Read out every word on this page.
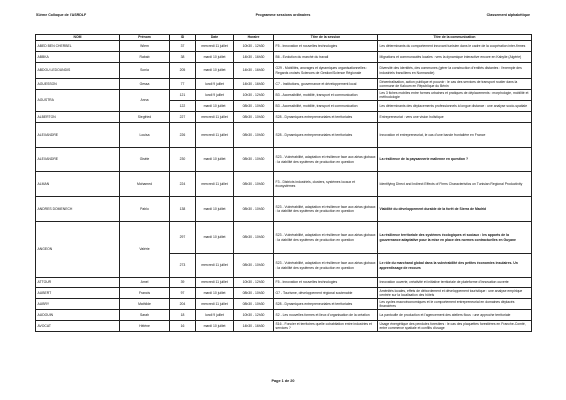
51ème Colloque de l'ASRDLF	Programme sessions ordinaires	Classement alphabétique
NOM	Prénom	ID	Date	Horaire	Titre de la session	Titre de la communication
ABED BEN CHERBEL	Wiem	37	mercredi 11 juillet	10h30 - 12h30	F5 - Innovation et nouvelles technologies	Les déterminants du comportement innovant tunisien dans le cadre de la coopération inter-firmes
ABBKA	Rabab	38	mardi 10 juillet	14h30 - 16h30	B6 - Evolution du marché du travail	Migrations et communautés locales : vers la dynamique interactive encore en Kabylie (Algérie)
ABDOU LEDOUNDIS	Sonia	205	mardi 10 juillet	14h30 - 16h30	G29 - Mobilités, ancrages et dynamiques organisationnelles : Regards croisés Sciences de Gestion/Science Régionale	Diversité des identités, des communes (gérer la construction d'entités distantes : l'exemple des industriels franciliens en Normandie)
AGUESSON	Gessa	77	lundi 9 juillet	14h30 - 16h30	C7 - Institutions, gouvernance et développement local	Décentralisation, action publique et pouvoir : le cas des services de transport routier dans la commune de Kaloum en République du Bénin
AGUSTRA	Anna	121	lundi 9 juillet	10h30 - 12h30	B3 - Accessibilité, mobilité, transport et communication	Les 3 fiches mobiles entre formes urbaines et pratiques de déplacements : morphologie, mobilité et méthodologie
		122	mardi 10 juillet	08h30 - 10h30	B3 - Accessibilité, mobilité, transport et communication	Les déterminants des déplacements professionnels à longue distance : une analyse socio-spatiale
ALBERTON	Siegfried	227	mercredi 11 juillet	08h30 - 10h30	S28 - Dynamiques entrepreneuriales et territoriales	Entrepreneuriat : vers une vision holistique
ALEXANDRE	Louisa	226	mercredi 11 juillet	08h30 - 10h30	S28 - Dynamiques entrepreneuriales et territoriales	Innovation et entrepreneuriat, le cas d'une bande frontalière en France
ALEXANDRE	Gisèle	230	mardi 10 juillet	08h30 - 10h30	S23 - Vulnérabilité, adaptation et résilience face aux aléas globaux : la viabilité des systèmes de production en question	La résilience de la paysannerie malienne en question ?
ALMAN	Mohamed	224	mercredi 11 juillet	08h30 - 10h30	F3 - Districts industriels, clusters, systèmes locaux et écosystèmes	Identifying Direct and Indirect Effects of Firms Characteristics on Tunisian Regional Productivity
ANDRES DOMENECH	Pablo	138	mardi 10 juillet	08h30 - 10h30	S23 - Vulnérabilité, adaptation et résilience face aux aléas globaux : la viabilité des systèmes de production en question	Viabilité du développement durable de la forêt de Sierra de Madrid
ANGEON	Valérie	297	mardi 10 juillet	08h30 - 10h30	S23 - Vulnérabilité, adaptation et résilience face aux aléas globaux : la viabilité des systèmes de production en question	La résilience territoriale des systèmes écologiques et sociaux : les apports de la gouvernance adaptative pour la mise en place des normes contractuelles en Guyane
		273	mercredi 11 juillet	08h30 - 10h30	S23 - Vulnérabilité, adaptation et résilience face aux aléas globaux : la viabilité des systèmes de production en question	Le rôle du marchand global dans la vulnérabilité des petites économies insulaires. Un apprentissage de recours
ATTOUR	Amel	39	mercredi 11 juillet	10h30 - 12h30	F5 - Innovation et nouvelles technologies	Innovation ouverte, créativité et initiative territoriale de plateforme d'innovation ouverte
AUBERT	Francis	97	mardi 10 juillet	08h30 - 10h30	G7 - Tourisme, développement régional soutenable	Aménités locales, effets de débordement et développement touristique : une analyse empirique centrée sur la localisation des hôtels
AUBRY	Mathilde	204	mercredi 11 juillet	08h30 - 10h30	S28 - Dynamiques entrepreneuriales et territoriales	Les cycles macroéconomiques et le comportement entrepreneurial en domaines déplacés financières
AUDOUIN	Sarah	18	lundi 9 juillet	10h30 - 12h30	S2 - Les nouvelles formes et lieux d'organisation de la création	La pantoufle de production et l'agencement des ateliers flous : une approche territoriale
AVOCAT	Hélène	16	mardi 10 juillet	14h30 - 16h30	S16 - Foncier et territoires quelle cohabitation entre industries et services ?	Usage énergétique des pendules forestiers : le cas des plaquettes forestières en Franche-Comté, entre commerce spatiale et conflits d'usage
Page 1 de 20
